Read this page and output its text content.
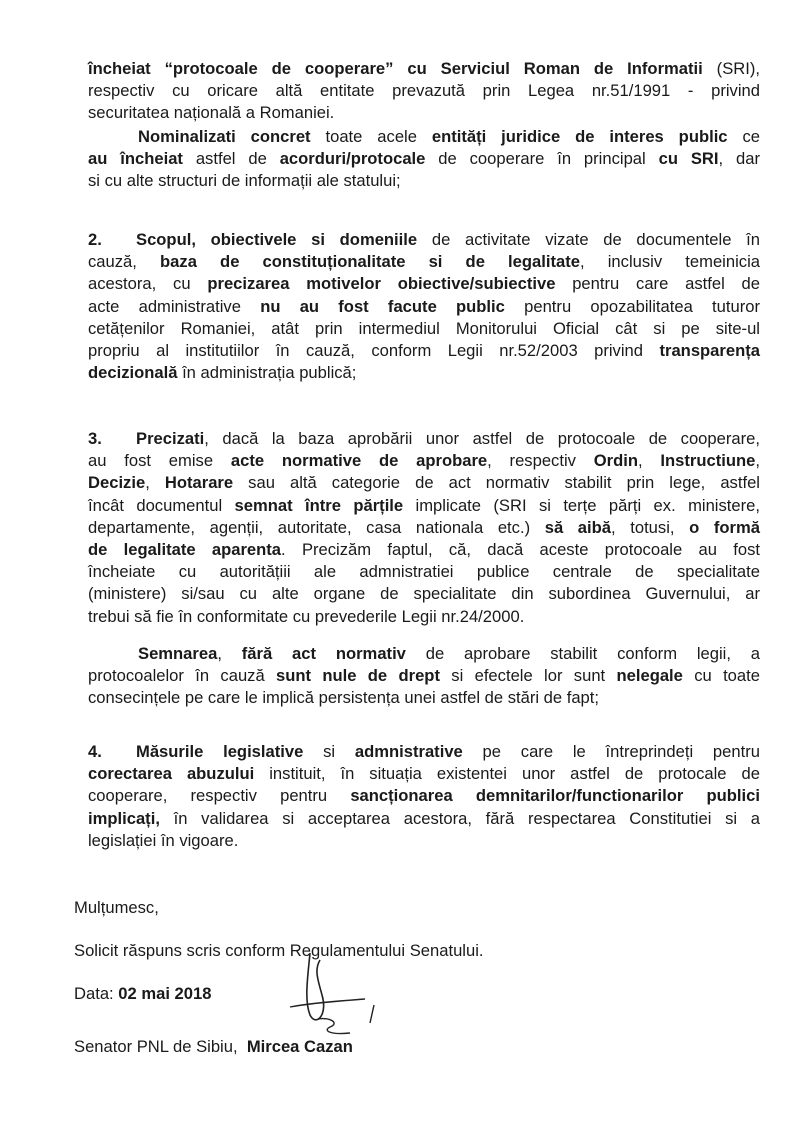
încheiat “protocoale de cooperare” cu Serviciul Roman de Informatii (SRI),
respectiv cu oricare altă entitate prevazută prin Legea nr.51/1991 - privind
securitatea națională a Romaniei.
Nominalizati concret toate acele entități juridice de interes public ce
au încheiat astfel de acorduri/protocale de cooperare în principal cu SRI, dar
si cu alte structuri de informații ale statului;
2. Scopul, obiectivele si domeniile de activitate vizate de documentele în
cauză, baza de constituționalitate si de legalitate, inclusiv temeinicia
acestora, cu precizarea motivelor obiective/subiective pentru care astfel de
acte administrative nu au fost facute public pentru opozabilitatea tuturor
cetățenilor Romaniei, atât prin intermediul Monitorului Oficial cât si pe site-ul
propriu al institutiilor în cauză, conform Legii nr.52/2003 privind transparența
decizională în administrația publică;
3. Precizati, dacă la baza aprobării unor astfel de protocoale de cooperare,
au fost emise acte normative de aprobare, respectiv Ordin, Instructiune,
Decizie, Hotarare sau altă categorie de act normativ stabilit prin lege, astfel
încât documentul semnat între părțile implicate (SRI si terțe părți ex. ministere,
departamente, agenții, autoritate, casa nationala etc.) să aibă, totusi, o formă
de legalitate aparenta. Precizăm faptul, că, dacă aceste protocoale au fost
încheiate cu autoritățiii ale admnistratiei publice centrale de specialitate
(ministere) si/sau cu alte organe de specialitate din subordinea Guvernului, ar
trebui să fie în conformitate cu prevederile Legii nr.24/2000.
Semnarea, fără act normativ de aprobare stabilit conform legii, a
protocoalelor în cauză sunt nule de drept si efectele lor sunt nelegale cu toate
consecințele pe care le implică persistența unei astfel de stări de fapt;
4. Măsurile legislative si admnistrative pe care le întreprindeți pentru
corectarea abuzului instituit, în situația existentei unor astfel de protocale de
cooperare, respectiv pentru sancționarea demnitarilor/functionarilor publici
implicați, în validarea si acceptarea acestora, fără respectarea Constitutiei si a
legislației în vigoare.

Mulțumesc,

Solicit răspuns scris conform Regulamentului Senatului.

Data: 02 mai 2018

Senator PNL de Sibiu, Mircea Cazan
